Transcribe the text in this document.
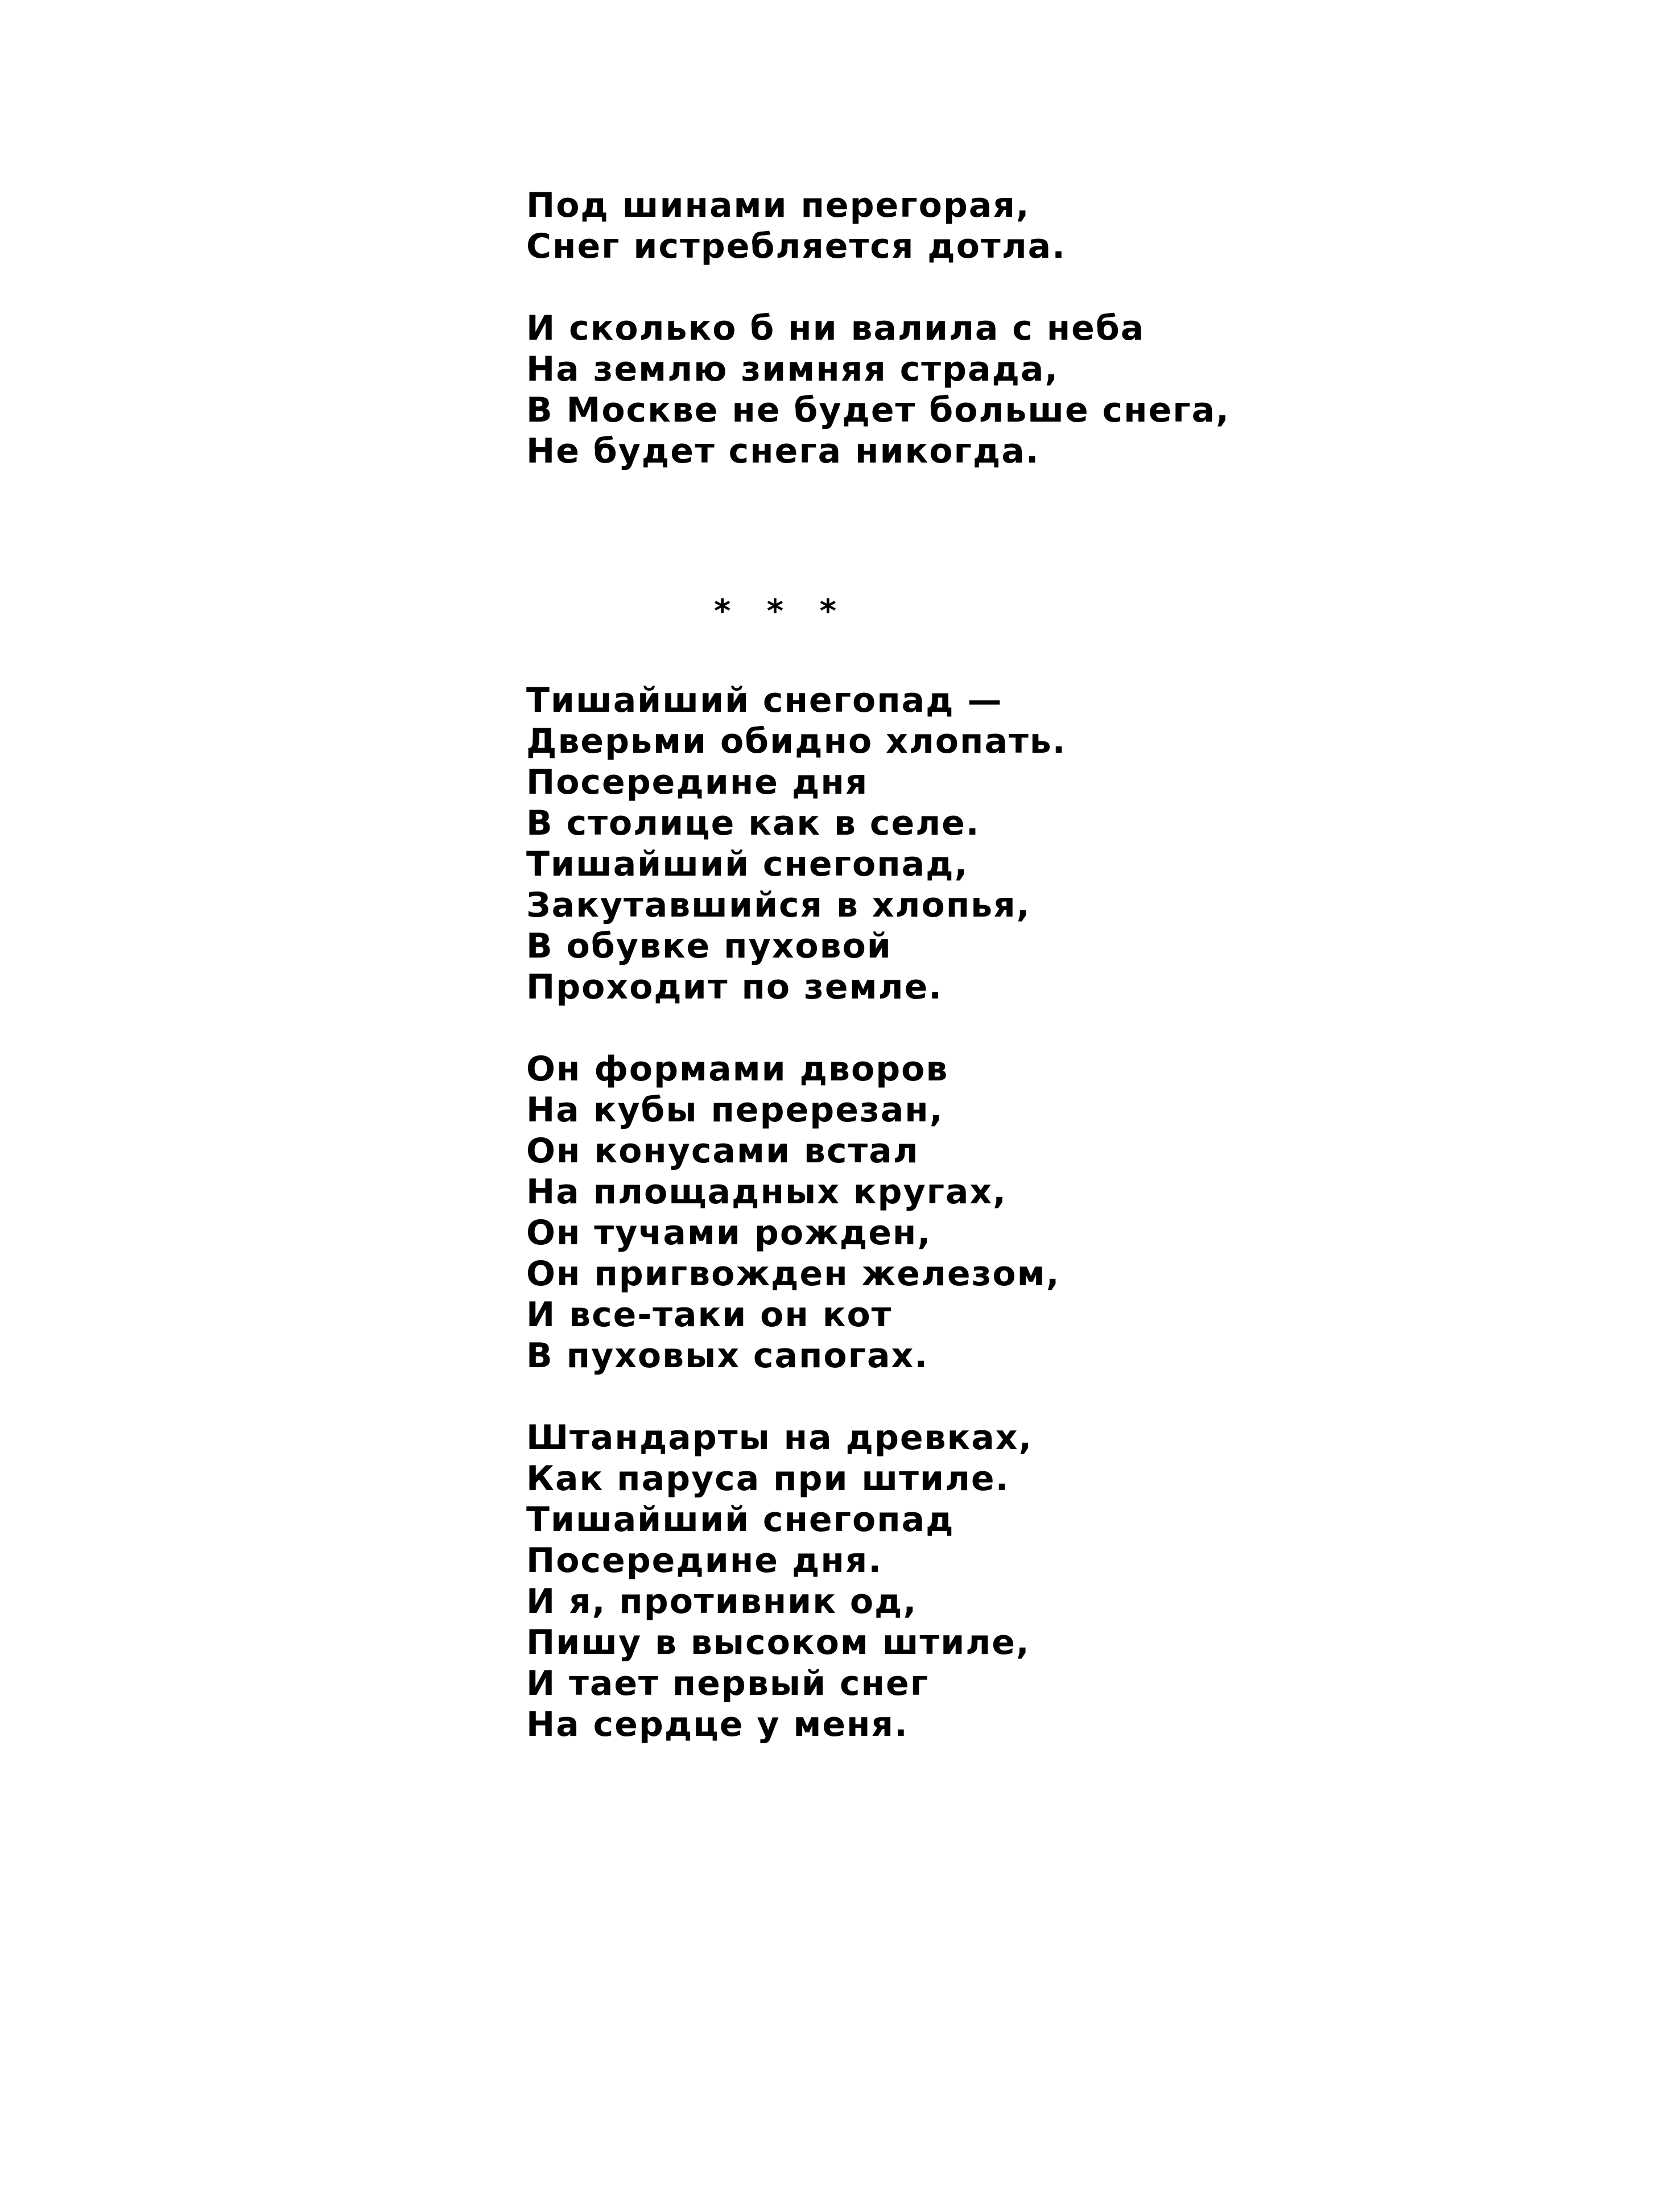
Под шинами перегорая,
Снег истребляется дотла.
И сколько б ни валила с неба
На землю зимняя страда,
В Москве не будет больше снега,
Не будет снега никогда.
* * *
Тишайший снегопад —
Дверьми обидно хлопать.
Посередине дня
В столице как в селе.
Тишайший снегопад,
Закутавшийся в хлопья,
В обувке пуховой
Проходит по земле.
Он формами дворов
На кубы перерезан,
Он конусами встал
На площадных кругах,
Он тучами рожден,
Он пригвожден железом,
И все-таки он кот
В пуховых сапогах.
Штандарты на древках,
Как паруса при штиле.
Тишайший снегопад
Посередине дня.
И я, противник од,
Пишу в высоком штиле,
И тает первый снег
На сердце у меня.
